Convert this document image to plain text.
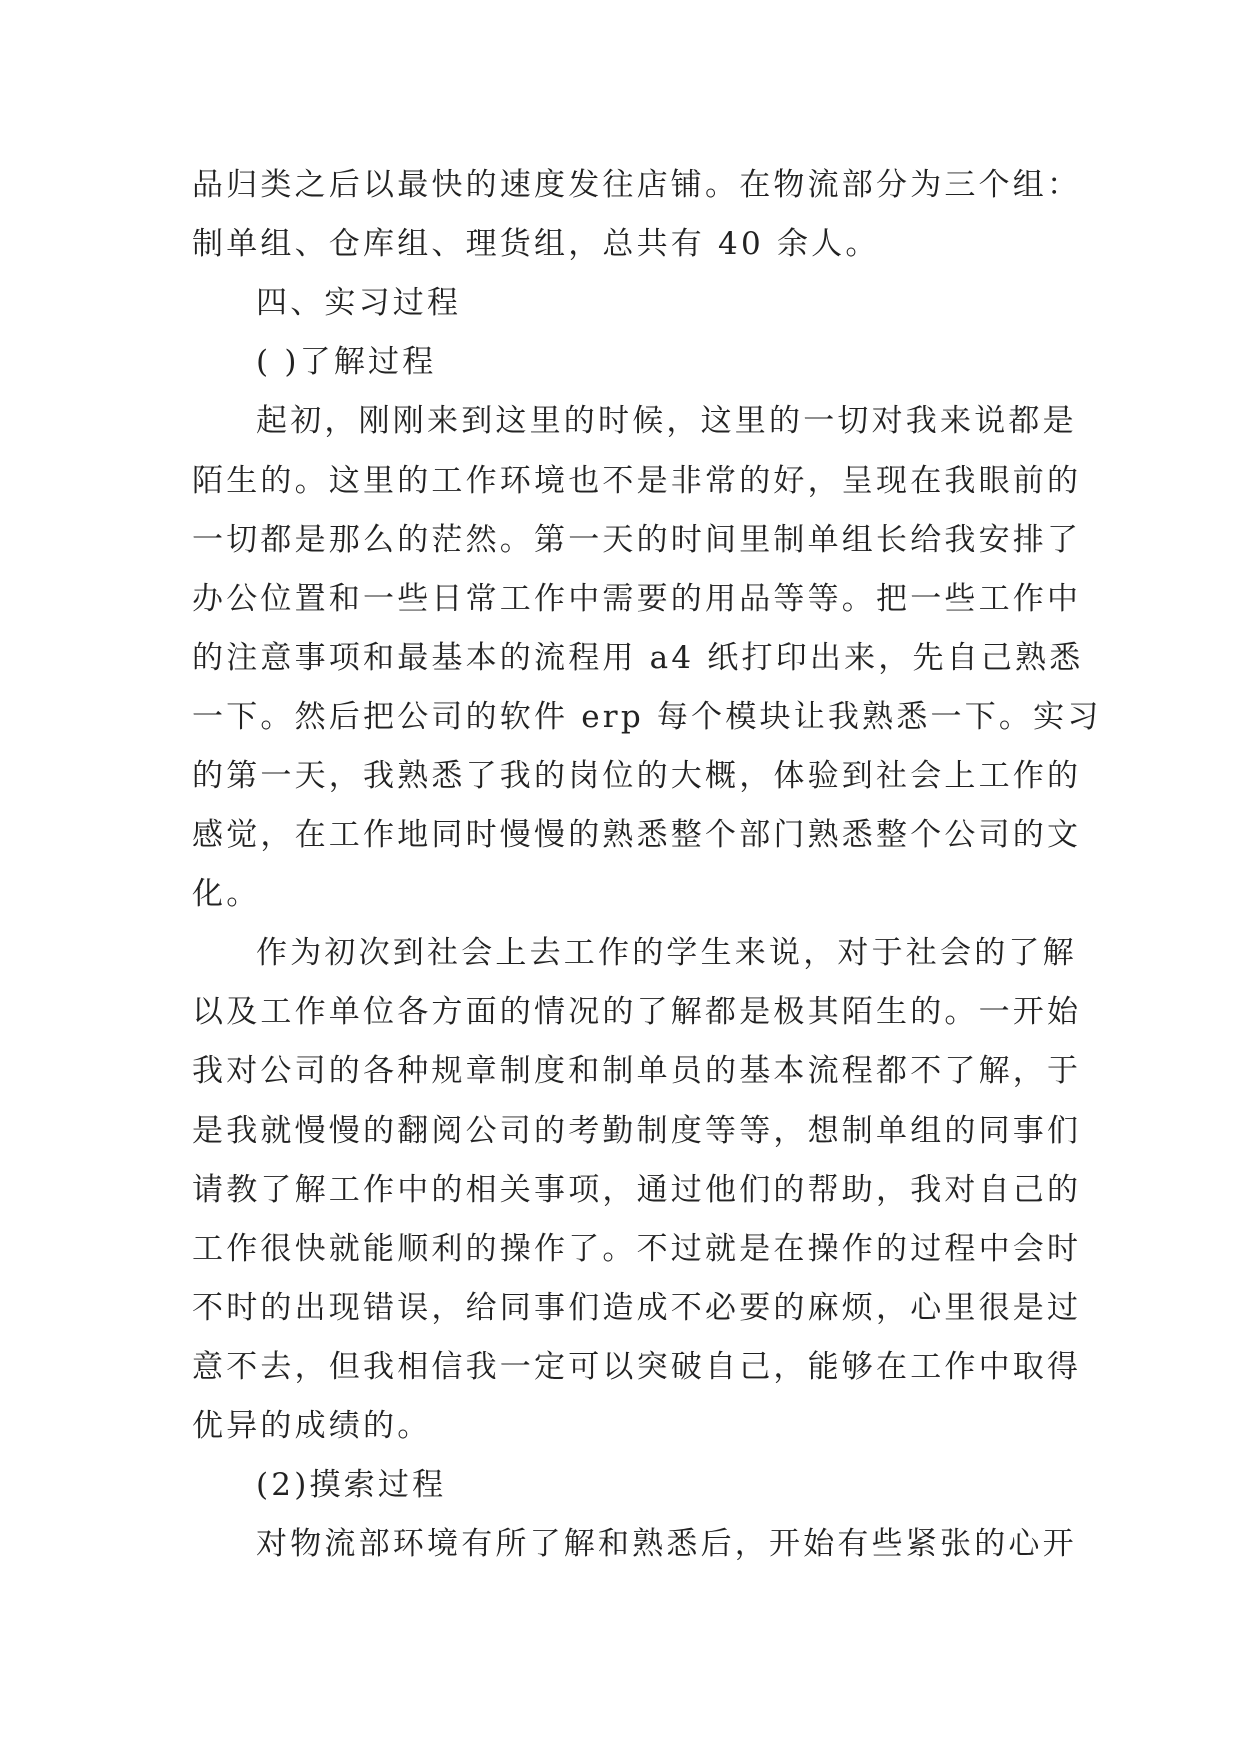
品归类之后以最快的速度发往店铺。在物流部分为三个组：
制单组、仓库组、理货组，总共有 40 余人。
四、实习过程
( )了解过程
起初，刚刚来到这里的时候，这里的一切对我来说都是
陌生的。这里的工作环境也不是非常的好，呈现在我眼前的
一切都是那么的茫然。第一天的时间里制单组长给我安排了
办公位置和一些日常工作中需要的用品等等。把一些工作中
的注意事项和最基本的流程用 a4 纸打印出来，先自己熟悉
一下。然后把公司的软件 erp 每个模块让我熟悉一下。实习
的第一天，我熟悉了我的岗位的大概，体验到社会上工作的
感觉，在工作地同时慢慢的熟悉整个部门熟悉整个公司的文
化。
作为初次到社会上去工作的学生来说，对于社会的了解
以及工作单位各方面的情况的了解都是极其陌生的。一开始
我对公司的各种规章制度和制单员的基本流程都不了解，于
是我就慢慢的翻阅公司的考勤制度等等，想制单组的同事们
请教了解工作中的相关事项，通过他们的帮助，我对自己的
工作很快就能顺利的操作了。不过就是在操作的过程中会时
不时的出现错误，给同事们造成不必要的麻烦，心里很是过
意不去，但我相信我一定可以突破自己，能够在工作中取得
优异的成绩的。
(2)摸索过程
对物流部环境有所了解和熟悉后，开始有些紧张的心开
